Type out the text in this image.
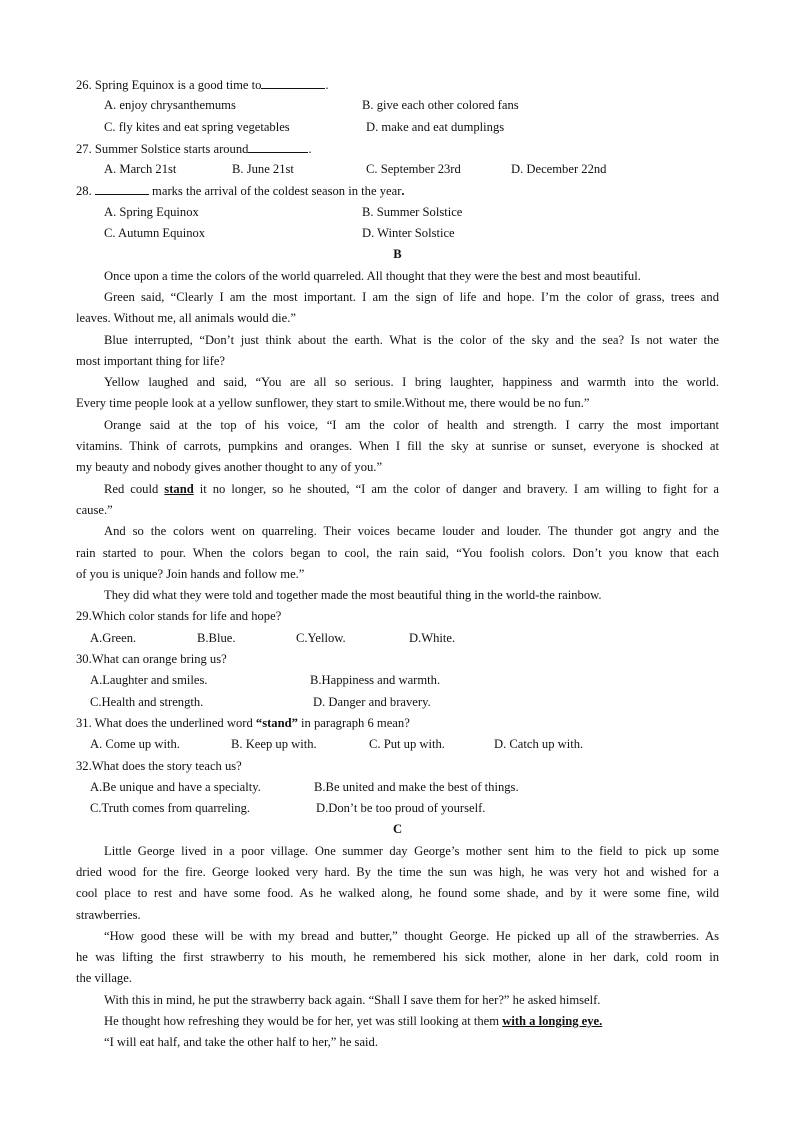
26. Spring Equinox is a good time to	.
A. enjoy chrysanthemums	B. give each other colored fans
C. fly kites and eat spring vegetables	D. make and eat dumplings
27. Summer Solstice starts around	.
A. March 21st	B. June 21st	C. September 23rd	D. December 22nd
28.	marks the arrival of the coldest season in the year.
A. Spring Equinox	B. Summer Solstice
C. Autumn Equinox	D. Winter Solstice
B
Once upon a time the colors of the world quarreled. All thought that they were the best and most beautiful.
Green said, “Clearly I am the most important. I am the sign of life and hope. I’m the color of grass, trees and
leaves. Without me, all animals would die.”
Blue interrupted, “Don’t just think about the earth. What is the color of the sky and the sea? Is not water the
most important thing for life?
Yellow laughed and said, “You are all so serious. I bring laughter, happiness and warmth into the world.
Every time people look at a yellow sunflower, they start to smile.Without me, there would be no fun.”
Orange said at the top of his voice, “I am the color of health and strength. I carry the most important
vitamins. Think of carrots, pumpkins and oranges. When I fill the sky at sunrise or sunset, everyone is shocked at
my beauty and nobody gives another thought to any of you.”
Red could stand it no longer, so he shouted, “I am the color of danger and bravery. I am willing to fight for a
cause.”
And so the colors went on quarreling. Their voices became louder and louder. The thunder got angry and the
rain started to pour. When the colors began to cool, the rain said, “You foolish colors. Don’t you know that each
of you is unique? Join hands and follow me.”
They did what they were told and together made the most beautiful thing in the world-the rainbow.
29.Which color stands for life and hope?
A.Green.	B.Blue.	C.Yellow.	D.White.
30.What can orange bring us?
A.Laughter and smiles.	B.Happiness and warmth.
C.Health and strength.	D. Danger and bravery.
31. What does the underlined word “stand” in paragraph 6 mean?
A. Come up with.	B. Keep up with.	C. Put up with.	D. Catch up with.
32.What does the story teach us?
A.Be unique and have a specialty.	B.Be united and make the best of things.
C.Truth comes from quarreling.	D.Don’t be too proud of yourself.
C
Little George lived in a poor village. One summer day George’s mother sent him to the field to pick up some
dried wood for the fire. George looked very hard. By the time the sun was high, he was very hot and wished for a
cool place to rest and have some food. As he walked along, he found some shade, and by it were some fine, wild
strawberries.
“How good these will be with my bread and butter,” thought George. He picked up all of the strawberries. As
he was lifting the first strawberry to his mouth, he remembered his sick mother, alone in her dark, cold room in
the village.
With this in mind, he put the strawberry back again. “Shall I save them for her?” he asked himself.
He thought how refreshing they would be for her, yet was still looking at them with a longing eye.
“I will eat half, and take the other half to her,” he said.
